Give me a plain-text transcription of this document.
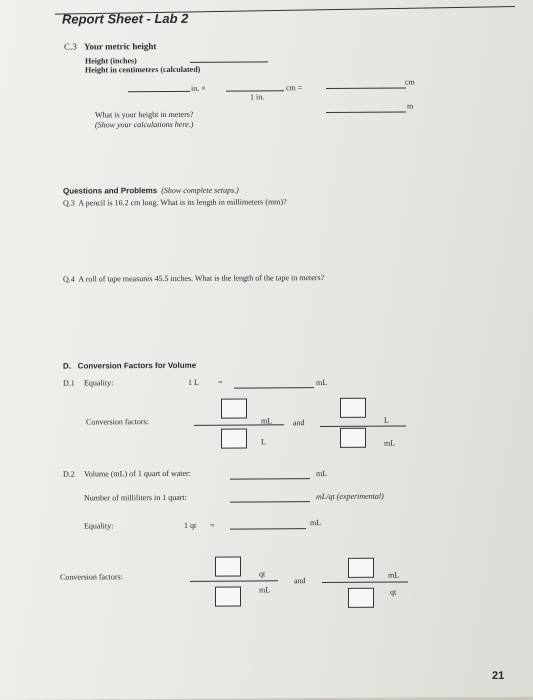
Report Sheet - Lab 2
C.3 Your metric height
Height (inches)
Height in centimeters (calculated)
in. ×
1 in.
cm =
cm
What is your height in meters?
(Show your calculations here.)
m
Questions and Problems (Show complete setups.)
Q.3 A pencil is 16.2 cm long. What is its length in millimeters (mm)?
Q.4 A roll of tape measures 45.5 inches. What is the length of the tape in meters?
D. Conversion Factors for Volume
D.1 Equality:	1 L =	mL
Conversion factors:	mL
L
and	L
mL
D.2 Volume (mL) of 1 quart of water:	mL
Number of milliliters in 1 quart:	mL/qt (experimental)
Equality:	1 qt =	mL
Conversion factors:	qt
mL
and
mL
qt
21
